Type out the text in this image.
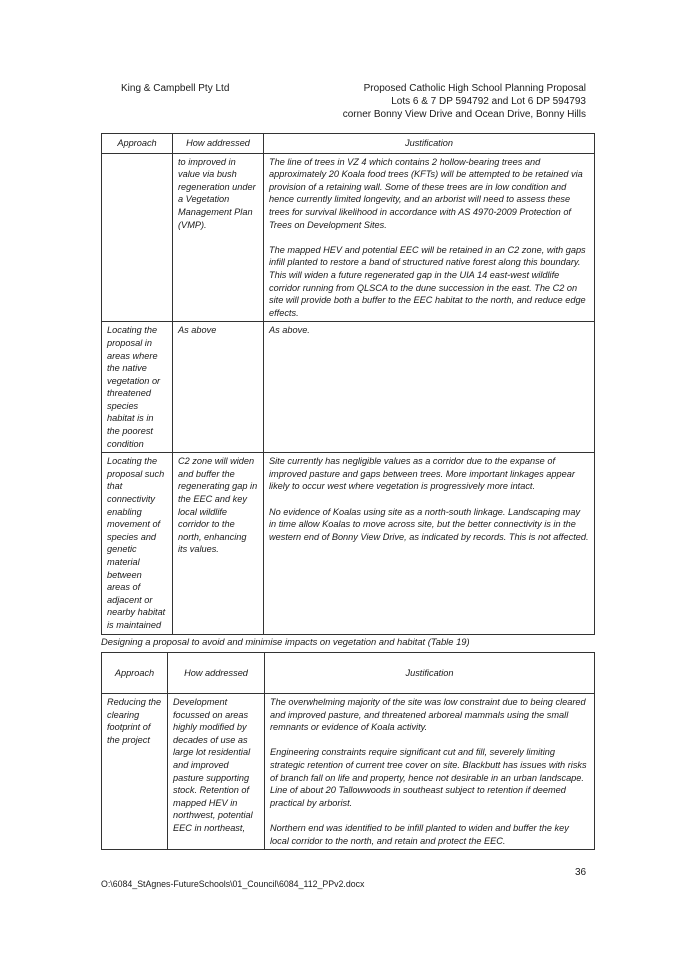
King & Campbell Pty Ltd	Proposed Catholic High School Planning Proposal
Lots 6 & 7 DP 594792 and Lot 6 DP 594793
corner Bonny View Drive and Ocean Drive, Bonny Hills
Approach	How addressed	Justification
	to improved in value via bush regeneration under a Vegetation Management Plan (VMP).	The line of trees in VZ 4 which contains 2 hollow-bearing trees and approximately 20 Koala food trees (KFTs) will be attempted to be retained via provision of a retaining wall. Some of these trees are in low condition and hence currently limited longevity, and an arborist will need to assess these trees for survival likelihood in accordance with AS 4970-2009 Protection of Trees on Development Sites.

The mapped HEV and potential EEC will be retained in an C2 zone, with gaps infill planted to restore a band of structured native forest along this boundary. This will widen a future regenerated gap in the UIA 14 east-west wildlife corridor running from QLSCA to the dune succession in the east. The C2 on site will provide both a buffer to the EEC habitat to the north, and reduce edge effects.

Locating the proposal in areas where the native vegetation or threatened species habitat is in the poorest condition	As above	As above.

Locating the proposal such that connectivity enabling movement of species and genetic material between areas of adjacent or nearby habitat is maintained	C2 zone will widen and buffer the regenerating gap in the EEC and key local wildlife corridor to the north, enhancing its values.	Site currently has negligible values as a corridor due to the expanse of improved pasture and gaps between trees. More important linkages appear likely to occur west where vegetation is progressively more intact.

No evidence of Koalas using site as a north-south linkage. Landscaping may in time allow Koalas to move across site, but the better connectivity is in the western end of Bonny View Drive, as indicated by records. This is not affected.

Designing a proposal to avoid and minimise impacts on vegetation and habitat (Table 19)
Approach	How addressed	Justification
Reducing the clearing footprint of the project	Development focussed on areas highly modified by decades of use as large lot residential and improved pasture supporting stock. Retention of mapped HEV in northwest, potential EEC in northeast,	The overwhelming majority of the site was low constraint due to being cleared and improved pasture, and threatened arboreal mammals using the small remnants or evidence of Koala activity.

Engineering constraints require significant cut and fill, severely limiting strategic retention of current tree cover on site. Blackbutt has issues with risks of branch fall on life and property, hence not desirable in an urban landscape. Line of about 20 Tallowwoods in southeast subject to retention if deemed practical by arborist.

Northern end was identified to be infill planted to widen and buffer the key local corridor to the north, and retain and protect the EEC.

36
O:\6084_StAgnes-FutureSchools\01_Council\6084_112_PPv2.docx
